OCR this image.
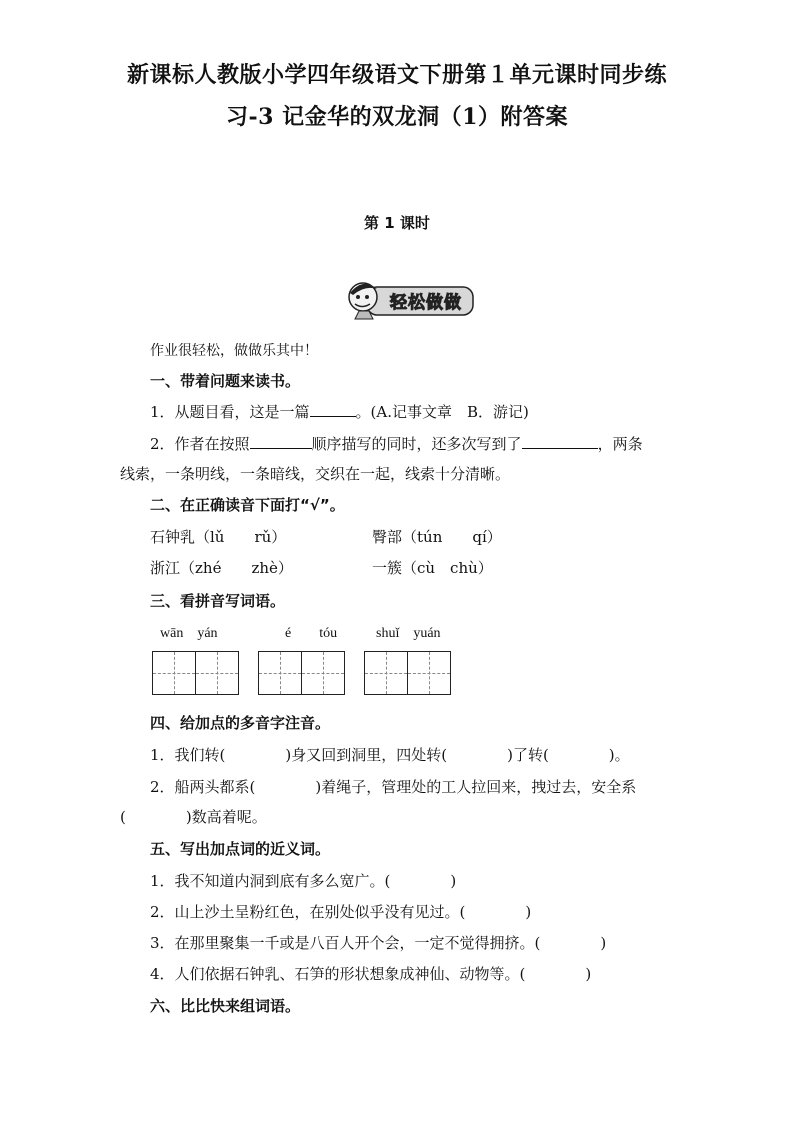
新课标人教版小学四年级语文下册第１单元课时同步练
习-3 记金华的双龙洞（1）附答案
第 1 课时
轻松做做
作业很轻松，做做乐其中！
一、带着问题来读书。
1．从题目看，这是一篇	。(A.记事文章　B．游记)
2．作者在按照	顺序描写的同时，还多次写到了	，两条
线索，一条明线，一条暗线，交织在一起，线索十分清晰。
二、在正确读音下面打“√”。
石钟乳（lǔ　　rǔ）	臀部（tún　　qí）
浙江（zhé　　zhè）	一簇（cù　chù）
三、看拼音写词语。
wān　yán	é　　tóu	shuǐ　yuán
四、给加点的多音字注音。
1．我们转(　　　　)身又回到洞里，四处转(　　　　)了转(　　　　)。
2．船两头都系(　　　　)着绳子，管理处的工人拉回来，拽过去，安全系
(　　　　)数高着呢。
五、写出加点词的近义词。
1．我不知道内洞到底有多么宽广。(　　　　)
2．山上沙土呈粉红色，在别处似乎没有见过。(　　　　)
3．在那里聚集一千或是八百人开个会，一定不觉得拥挤。(　　　　)
4．人们依据石钟乳、石笋的形状想象成神仙、动物等。(　　　　)
六、比比快来组词语。
